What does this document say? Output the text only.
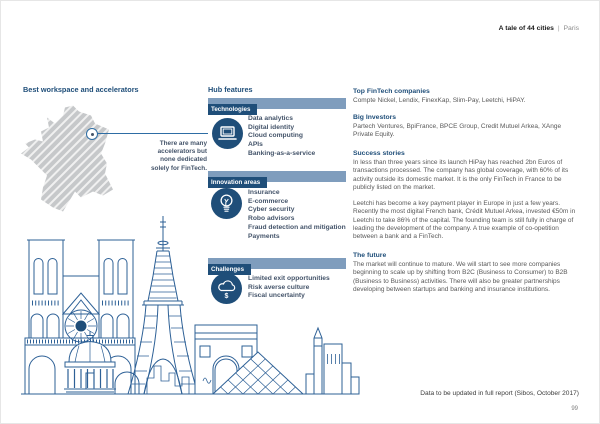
A tale of 44 cities | Paris
Best workspace and accelerators
There are many accelerators but none dedicated solely for FinTech.
Hub features
Technologies
Data analytics
Digital identity
Cloud computing
APIs
Banking-as-a-service
Innovation areas
Insurance
E-commerce
Cyber security
Robo advisors
Fraud detection and mitigation
Payments
Challenges
$
Limited exit opportunities
Risk averse culture
Fiscal uncertainty
Top FinTech companies
Compte Nickel, Lendix, FinexKap, Slim-Pay, Leetchi, HiPAY.
Big Investors
Partech Ventures, BpiFrance, BPCE Group, Credit Mutuel Arkea, XAnge Private Equity.
Success stories
In less than three years since its launch HiPay has reached 2bn Euros of transactions processed. The company has global coverage, with 60% of its activity outside its domestic market. It is the only FinTech in France to be publicly listed on the market.
Leetchi has become a key payment player in Europe in just a few years. Recently the most digital French bank, Crédit Mutuel Arkea, invested €50m in Leetchi to take 86% of the capital. The founding team is still fully in charge of leading the development of the company. A true example of co-opetition between a bank and a FinTech.
The future
The market will continue to mature. We will start to see more companies beginning to scale up by shifting from B2C (Business to Consumer) to B2B (Business to Business) activities. There will also be greater partnerships developing between startups and banking and insurance institutions.
Data to be updated in full report (Sibos, October 2017)
99
